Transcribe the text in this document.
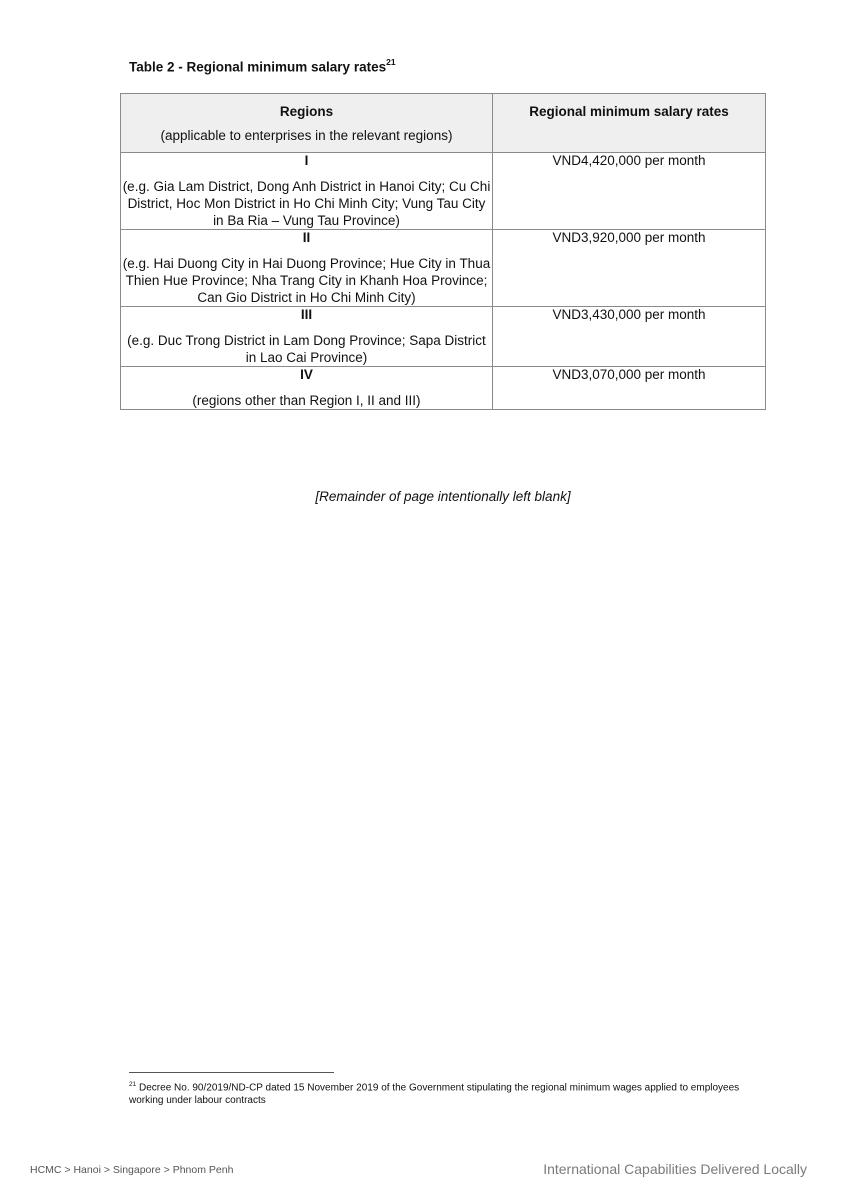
Table 2 - Regional minimum salary rates$^{21}$
Regions
(applicable to enterprises in the relevant regions)	Regional minimum salary rates

I
(e.g. Gia Lam District, Dong Anh District in Hanoi City; Cu Chi District, Hoc Mon District in Ho Chi Minh City; Vung Tau City in Ba Ria – Vung Tau Province)	VND4,420,000 per month

II
(e.g. Hai Duong City in Hai Duong Province; Hue City in Thua Thien Hue Province; Nha Trang City in Khanh Hoa Province; Can Gio District in Ho Chi Minh City)	VND3,920,000 per month

III
(e.g. Duc Trong District in Lam Dong Province; Sapa District in Lao Cai Province)	VND3,430,000 per month

IV
(regions other than Region I, II and III)	VND3,070,000 per month
[Remainder of page intentionally left blank]
$^{21}$ Decree No. 90/2019/ND-CP dated 15 November 2019 of the Government stipulating the regional minimum wages applied to employees working under labour contracts
HCMC > Hanoi > Singapore > Phnom Penh	International Capabilities Delivered Locally
